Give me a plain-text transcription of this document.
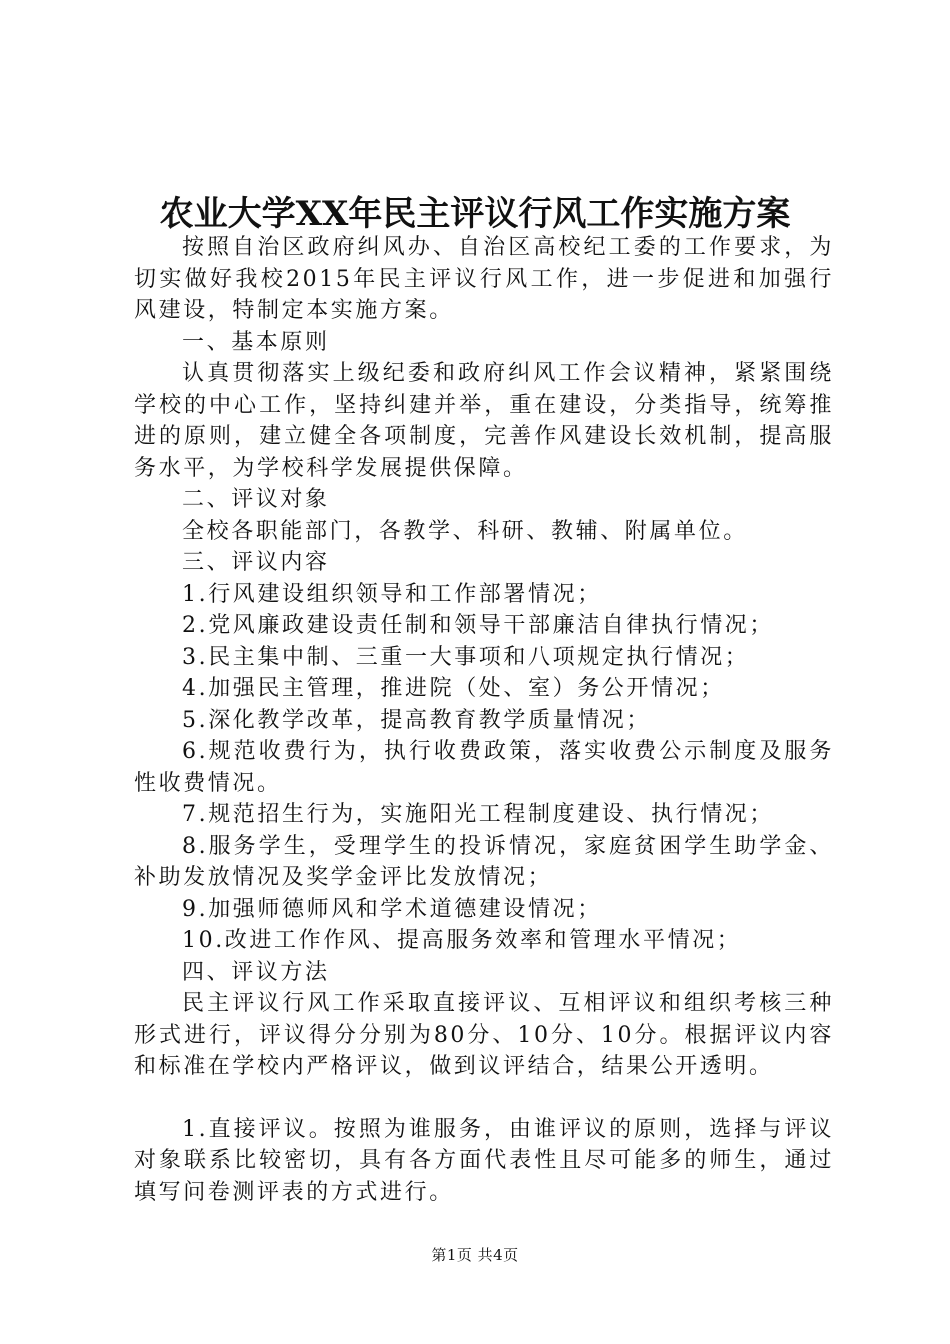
农业大学XX年民主评议行风工作实施方案

按照自治区政府纠风办、自治区高校纪工委的工作要求，为切实做好我校2015年民主评议行风工作，进一步促进和加强行风建设，特制定本实施方案。

一、基本原则

认真贯彻落实上级纪委和政府纠风工作会议精神，紧紧围绕学校的中心工作，坚持纠建并举，重在建设，分类指导，统筹推进的原则，建立健全各项制度，完善作风建设长效机制，提高服务水平，为学校科学发展提供保障。

二、评议对象

全校各职能部门，各教学、科研、教辅、附属单位。

三、评议内容

1.行风建设组织领导和工作部署情况；

2.党风廉政建设责任制和领导干部廉洁自律执行情况；

3.民主集中制、三重一大事项和八项规定执行情况；

4.加强民主管理，推进院（处、室）务公开情况；

5.深化教学改革，提高教育教学质量情况；

6.规范收费行为，执行收费政策，落实收费公示制度及服务性收费情况。

7.规范招生行为，实施阳光工程制度建设、执行情况；

8.服务学生，受理学生的投诉情况，家庭贫困学生助学金、补助发放情况及奖学金评比发放情况；

9.加强师德师风和学术道德建设情况；

10.改进工作作风、提高服务效率和管理水平情况；

四、评议方法

民主评议行风工作采取直接评议、互相评议和组织考核三种形式进行，评议得分分别为80分、10分、10分。根据评议内容和标准在学校内严格评议，做到议评结合，结果公开透明。

1.直接评议。按照为谁服务，由谁评议的原则，选择与评议对象联系比较密切，具有各方面代表性且尽可能多的师生，通过填写问卷测评表的方式进行。

第1页 共4页
